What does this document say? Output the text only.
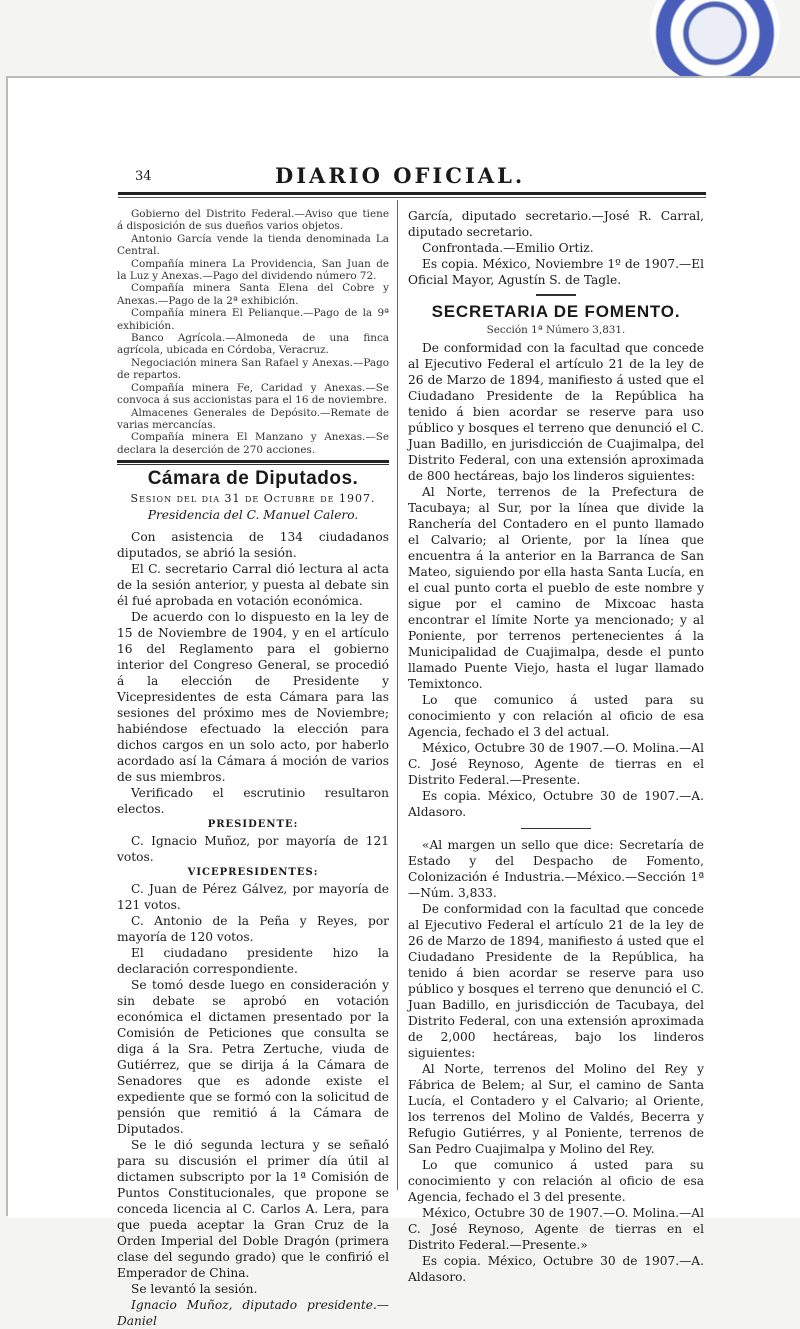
34	DIARIO OFICIAL.

Gobierno del Distrito Federal.—Aviso que tiene á disposición de sus dueños varios objetos.

Antonio García vende la tienda denominada La Central.

Compañía minera La Providencia, San Juan de la Luz y Anexas.—Pago del dividendo número 72.

Compañía minera Santa Elena del Cobre y Anexas.—Pago de la 2ª exhibición.

Compañía minera El Pelianque.—Pago de la 9ª exhibición.

Banco Agrícola.—Almoneda de una finca agrícola, ubicada en Córdoba, Veracruz.

Negociación minera San Rafael y Anexas.—Pago de repartos.

Compañía minera Fe, Caridad y Anexas.—Se convoca á sus accionistas para el 16 de noviembre.

Almacenes Generales de Depósito.—Remate de varias mercancías.

Compañía minera El Manzano y Anexas.—Se declara la deserción de 270 acciones.

Cámara de Diputados.

Sesion del dia 31 de Octubre de 1907.

Presidencia del C. Manuel Calero.

Con asistencia de 134 ciudadanos diputados, se abrió la sesión.

El C. secretario Carral dió lectura al acta de la sesión anterior, y puesta al debate sin él fué aprobada en votación económica.

De acuerdo con lo dispuesto en la ley de 15 de Noviembre de 1904, y en el artículo 16 del Reglamento para el gobierno interior del Congreso General, se procedió á la elección de Presidente y Vicepresidentes de esta Cámara para las sesiones del próximo mes de Noviembre; habiéndose efectuado la elección para dichos cargos en un solo acto, por haberlo acordado así la Cámara á moción de varios de sus miembros.

Verificado el escrutinio resultaron electos.

PRESIDENTE:

C. Ignacio Muñoz, por mayoría de 121 votos.

VICEPRESIDENTES:

C. Juan de Pérez Gálvez, por mayoría de 121 votos.

C. Antonio de la Peña y Reyes, por mayoría de 120 votos.

El ciudadano presidente hizo la declaración correspondiente.

Se tomó desde luego en consideración y sin debate se aprobó en votación económica el dictamen presentado por la Comisión de Peticiones que consulta se diga á la Sra. Petra Zertuche, viuda de Gutiérrez, que se dirija á la Cámara de Senadores que es adonde existe el expediente que se formó con la solicitud de pensión que remitió á la Cámara de Diputados.

Se le dió segunda lectura y se señaló para su discusión el primer día útil al dictamen subscripto por la 1ª Comisión de Puntos Constitucionales, que propone se conceda licencia al C. Carlos A. Lera, para que pueda aceptar la Gran Cruz de la Orden Imperial del Doble Dragón (primera clase del segundo grado) que le confirió el Emperador de China.

Se levantó la sesión.

Ignacio Muñoz, diputado presidente.—Daniel

García, diputado secretario.—José R. Carral, diputado secretario.

Confrontada.—Emilio Ortiz.

Es copia. México, Noviembre 1º de 1907.—El Oficial Mayor, Agustín S. de Tagle.

SECRETARIA DE FOMENTO.

Sección 1ª Número 3,831.

De conformidad con la facultad que concede al Ejecutivo Federal el artículo 21 de la ley de 26 de Marzo de 1894, manifiesto á usted que el Ciudadano Presidente de la República ha tenido á bien acordar se reserve para uso público y bosques el terreno que denunció el C. Juan Badillo, en jurisdicción de Cuajimalpa, del Distrito Federal, con una extensión aproximada de 800 hectáreas, bajo los linderos siguientes:

Al Norte, terrenos de la Prefectura de Tacubaya; al Sur, por la línea que divide la Ranchería del Contadero en el punto llamado el Calvario; al Oriente, por la línea que encuentra á la anterior en la Barranca de San Mateo, siguiendo por ella hasta Santa Lucía, en el cual punto corta el pueblo de este nombre y sigue por el camino de Mixcoac hasta encontrar el límite Norte ya mencionado; y al Poniente, por terrenos pertenecientes á la Municipalidad de Cuajimalpa, desde el punto llamado Puente Viejo, hasta el lugar llamado Temixtonco.

Lo que comunico á usted para su conocimiento y con relación al oficio de esa Agencia, fechado el 3 del actual.

México, Octubre 30 de 1907.—O. Molina.—Al C. José Reynoso, Agente de tierras en el Distrito Federal.—Presente.

Es copia. México, Octubre 30 de 1907.—A. Aldasoro.

«Al margen un sello que dice: Secretaría de Estado y del Despacho de Fomento, Colonización é Industria.—México.—Sección 1ª—Núm. 3,833.

De conformidad con la facultad que concede al Ejecutivo Federal el artículo 21 de la ley de 26 de Marzo de 1894, manifiesto á usted que el Ciudadano Presidente de la República, ha tenido á bien acordar se reserve para uso público y bosques el terreno que denunció el C. Juan Badillo, en jurisdicción de Tacubaya, del Distrito Federal, con una extensión aproximada de 2,000 hectáreas, bajo los linderos siguientes:

Al Norte, terrenos del Molino del Rey y Fábrica de Belem; al Sur, el camino de Santa Lucía, el Contadero y el Calvario; al Oriente, los terrenos del Molino de Valdés, Becerra y Refugio Gutiérres, y al Poniente, terrenos de San Pedro Cuajimalpa y Molino del Rey.

Lo que comunico á usted para su conocimiento y con relación al oficio de esa Agencia, fechado el 3 del presente.

México, Octubre 30 de 1907.—O. Molina.—Al C. José Reynoso, Agente de tierras en el Distrito Federal.—Presente.»

Es copia. México, Octubre 30 de 1907.—A. Aldasoro.
